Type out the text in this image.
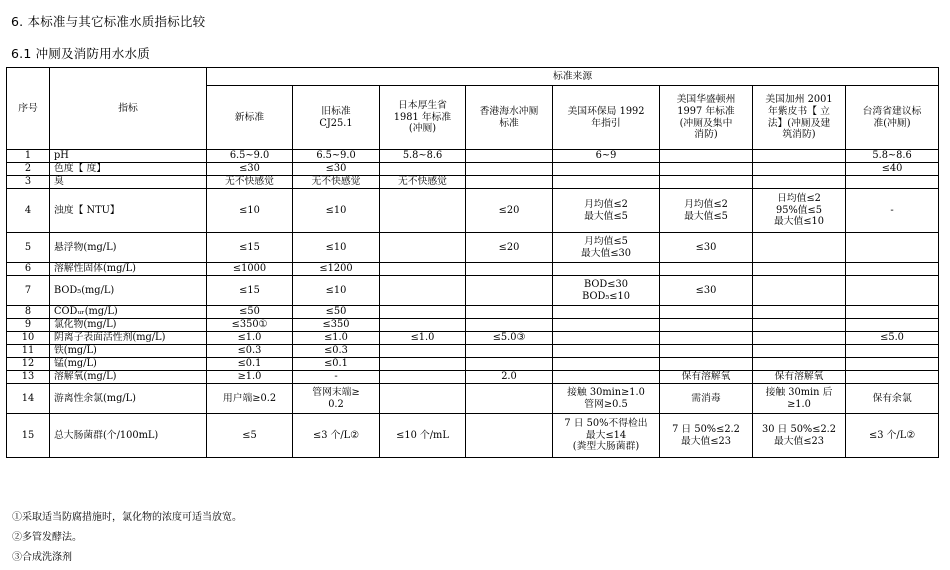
6. 本标准与其它标准水质指标比较
6.1 冲厕及消防用水水质
序号	指标	标准来源							

		新标准	旧标准
CJ25.1	日本厚生省
1981 年标准
(冲厕)	香港海水冲厕
标准	美国环保局 1992
年指引	美国华盛顿州
1997 年标准
(冲厕及集中
消防)	美国加州 2001
年紫皮书【 立
法】(冲厕及建
筑消防)	台湾省建议标
准(冲厕)

1	pH	6.5~9.0	6.5~9.0	5.8~8.6		6~9			5.8~8.6

2	色度【 度】	≤30	≤30						≤40

3	臭	无不快感觉	无不快感觉	无不快感觉					

4	浊度【 NTU】	≤10	≤10		≤20	月均值≤2
最大值≤5	月均值≤2
最大值≤5	日均值≤2
95%值≤5
最大值≤10	-

5	悬浮物(mg/L)	≤15	≤10		≤20	月均值≤5
最大值≤30	≤30		

6	溶解性固体(mg/L)	≤1000	≤1200						

7	BOD₅(mg/L)	≤15	≤10			BOD≤30
BOD₅≤10	≤30		

8	CODᵤᵣ(mg/L)	≤50	≤50						

9	氯化物(mg/L)	≤350①	≤350						

10	阴离子表面活性剂(mg/L)	≤1.0	≤1.0	≤1.0	≤5.0③				≤5.0

11	铁(mg/L)	≤0.3	≤0.3						

12	锰(mg/L)	≤0.1	≤0.1						

13	溶解氧(mg/L)	≥1.0	-		2.0		保有溶解氧	保有溶解氧	

14	游离性余氯(mg/L)	用户端≥0.2	管网末端≥
0.2			接触 30min≥1.0
管网≥0.5	需消毒	接触 30min 后
≥1.0	保有余氯

15	总大肠菌群(个/100mL)	≤5	≤3 个/L②	≤10 个/mL		7 日 50%不得检出
最大≤14
(粪型大肠菌群)	7 日 50%≤2.2
最大值≤23	30 日 50%≤2.2
最大值≤23	≤3 个/L②
①采取适当防腐措施时，氯化物的浓度可适当放宽。
②多管发酵法。
③合成洗涤剂
